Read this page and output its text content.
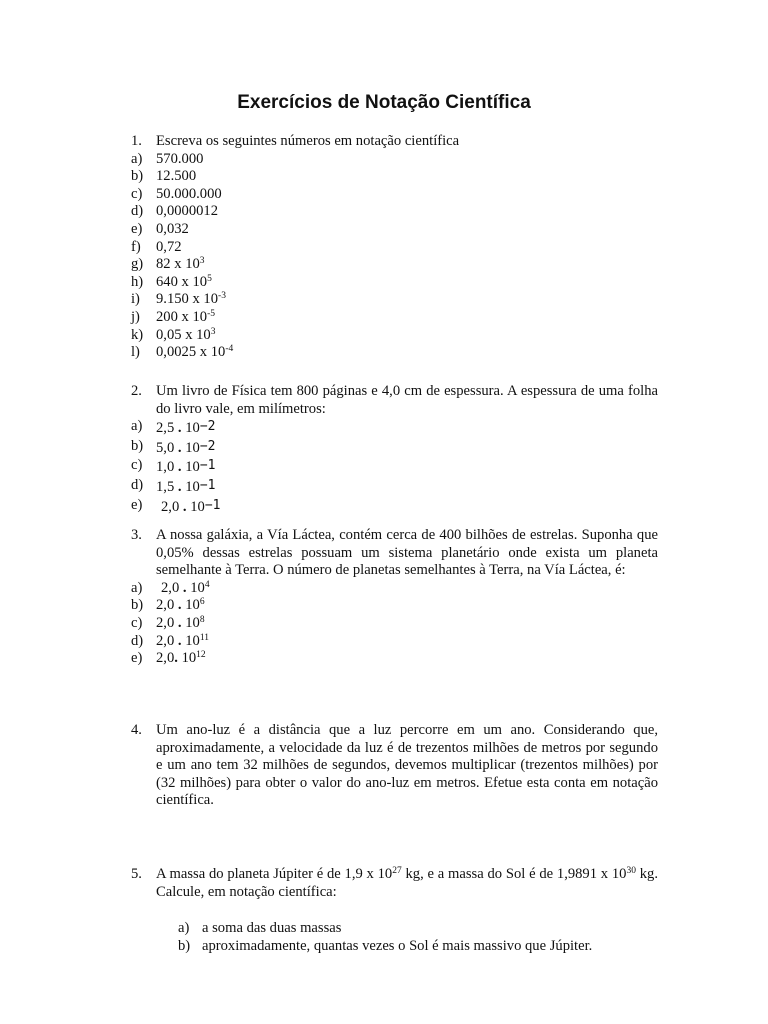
Exercícios de Notação Científica
1. Escreva os seguintes números em notação científica
a) 570.000
b) 12.500
c) 50.000.000
d) 0,0000012
e) 0,032
f)	0,72
g) 82 x $10^3$
h) 640 x $10^5$
i)	9.150 x $10^{-3}$
j)	200 x $10^{-5}$
k) 0,05 x $10^3$
l)	0,0025 x $10^{-4}$
2. Um livro de Física tem 800 páginas e 4,0 cm de espessura. A espessura de uma folha do livro vale, em milímetros:
a) 2,5 . 10−2
b) 5,0 . 10−2
c) 1,0 . 10−1
d) 1,5 . 10−1
e)	2,0 . 10−1
3. A nossa galáxia, a Vía Láctea, contém cerca de 400 bilhões de estrelas. Suponha que 0,05% dessas estrelas possuam um sistema planetário onde exista um planeta semelhante à Terra. O número de planetas semelhantes à Terra, na Vía Láctea, é:
a)	2,0 . $10^4$
b) 2,0 . $10^6$
c) 2,0 . $10^8$
d) 2,0 . $10^{11}$
e) 2,0. $10^{12}$
4. Um ano-luz é a distância que a luz percorre em um ano. Considerando que, aproximadamente, a velocidade da luz é de trezentos milhões de metros por segundo e um ano tem 32 milhões de segundos, devemos multiplicar (trezentos milhões) por (32 milhões) para obter o valor do ano-luz em metros. Efetue esta conta em notação científica.
5. A massa do planeta Júpiter é de 1,9 x $10^{27}$ kg, e a massa do Sol é de 1,9891 x $10^{30}$ kg. Calcule, em notação científica:
a) a soma das duas massas
b) aproximadamente, quantas vezes o Sol é mais massivo que Júpiter.
